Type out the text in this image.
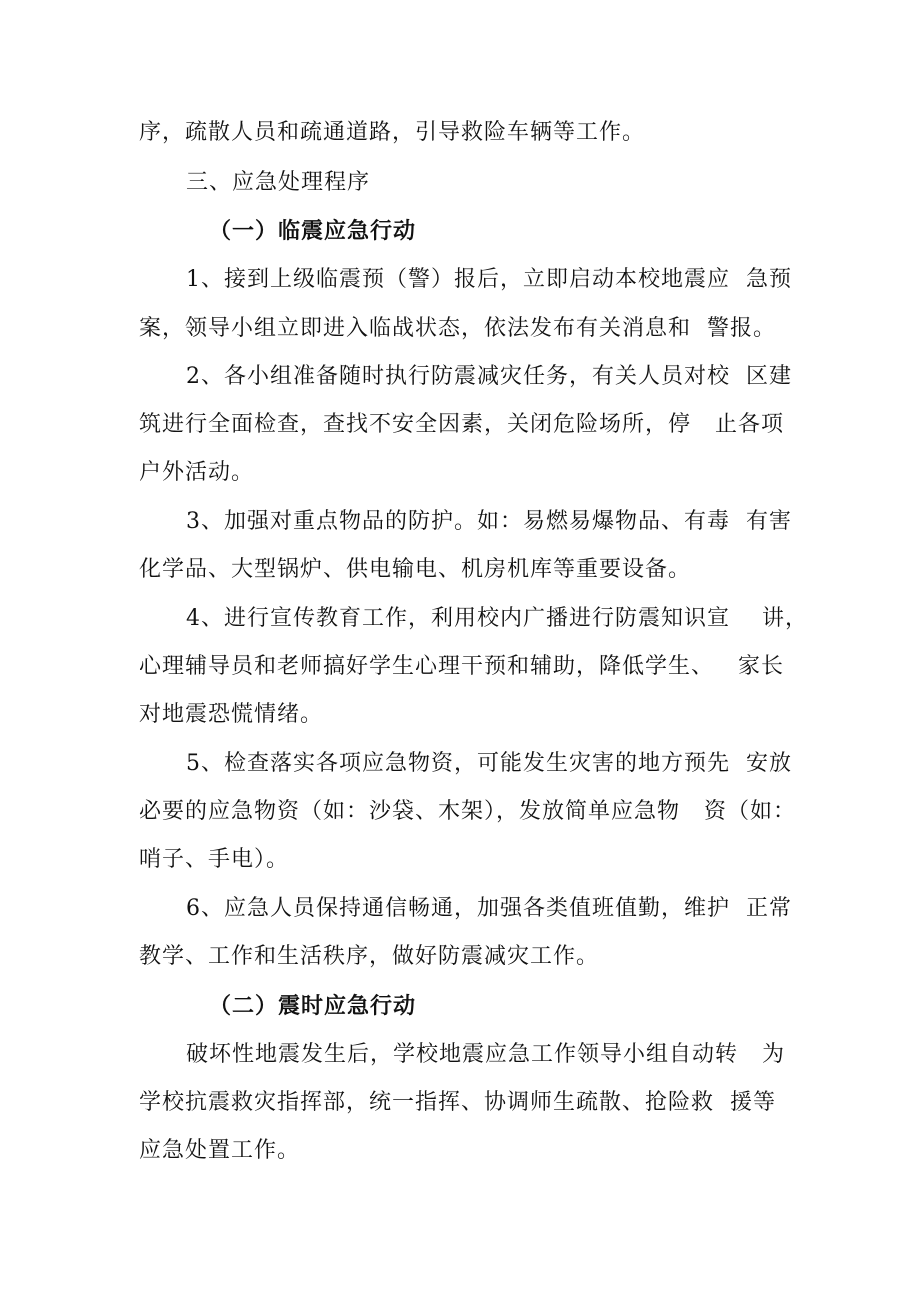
序，疏散人员和疏通道路，引导救险车辆等工作。
三、应急处理程序
（一）临震应急行动
1、接到上级临震预（警）报后，立即启动本校地震应  急预
案，领导小组立即进入临战状态，依法发布有关消息和  警报。
2、各小组准备随时执行防震减灾任务，有关人员对校  区建
筑进行全面检查，查找不安全因素，关闭危险场所，停   止各项
户外活动。
3、加强对重点物品的防护。如：易燃易爆物品、有毒  有害
化学品、大型锅炉、供电输电、机房机库等重要设备。
4、进行宣传教育工作，利用校内广播进行防震知识宣    讲，
心理辅导员和老师搞好学生心理干预和辅助，降低学生、   家长
对地震恐慌情绪。
5、检查落实各项应急物资，可能发生灾害的地方预先  安放
必要的应急物资（如：沙袋、木架），发放简单应急物   资（如：
哨子、手电）。
6、应急人员保持通信畅通，加强各类值班值勤，维护  正常
教学、工作和生活秩序，做好防震减灾工作。
（二）震时应急行动
破坏性地震发生后，学校地震应急工作领导小组自动转   为
学校抗震救灾指挥部，统一指挥、协调师生疏散、抢险救  援等
应急处置工作。
